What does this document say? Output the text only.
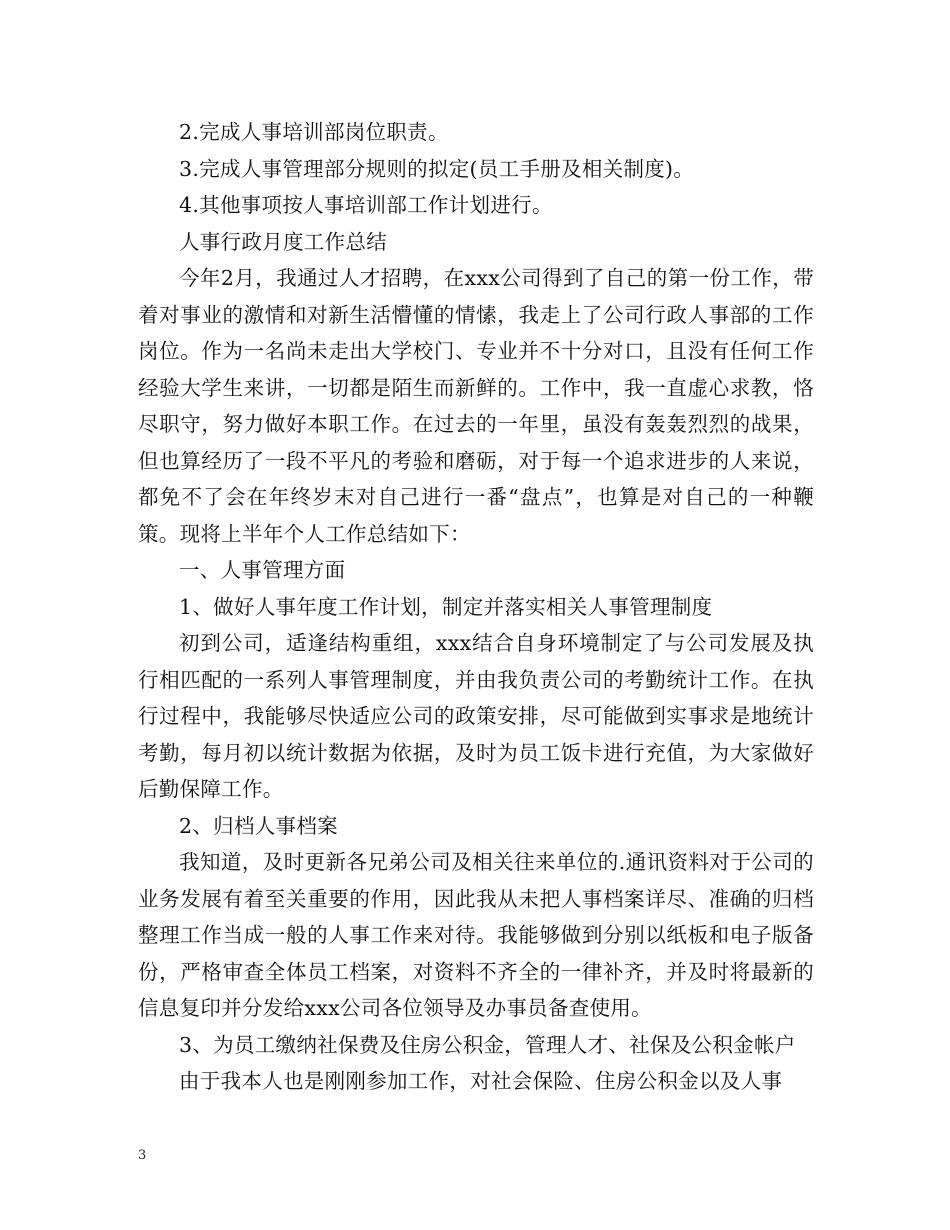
2.完成人事培训部岗位职责。

3.完成人事管理部分规则的拟定(员工手册及相关制度)。

4.其他事项按人事培训部工作计划进行。

人事行政月度工作总结

今年2月，我通过人才招聘，在xxx公司得到了自己的第一份工作，带着对事业的激情和对新生活懵懂的情愫，我走上了公司行政人事部的工作岗位。作为一名尚未走出大学校门、专业并不十分对口，且没有任何工作经验大学生来讲，一切都是陌生而新鲜的。工作中，我一直虚心求教，恪尽职守，努力做好本职工作。在过去的一年里，虽没有轰轰烈烈的战果，但也算经历了一段不平凡的考验和磨砺，对于每一个追求进步的人来说，都免不了会在年终岁末对自己进行一番“盘点”，也算是对自己的一种鞭策。现将上半年个人工作总结如下：

一、人事管理方面

1、做好人事年度工作计划，制定并落实相关人事管理制度

初到公司，适逢结构重组，xxx结合自身环境制定了与公司发展及执行相匹配的一系列人事管理制度，并由我负责公司的考勤统计工作。在执行过程中，我能够尽快适应公司的政策安排，尽可能做到实事求是地统计考勤，每月初以统计数据为依据，及时为员工饭卡进行充值，为大家做好后勤保障工作。

2、归档人事档案

我知道，及时更新各兄弟公司及相关往来单位的.通讯资料对于公司的业务发展有着至关重要的作用，因此我从未把人事档案详尽、准确的归档整理工作当成一般的人事工作来对待。我能够做到分别以纸板和电子版备份，严格审查全体员工档案，对资料不齐全的一律补齐，并及时将最新的信息复印并分发给xxx公司各位领导及办事员备查使用。

3、为员工缴纳社保费及住房公积金，管理人才、社保及公积金帐户

由于我本人也是刚刚参加工作，对社会保险、住房公积金以及人事

3
